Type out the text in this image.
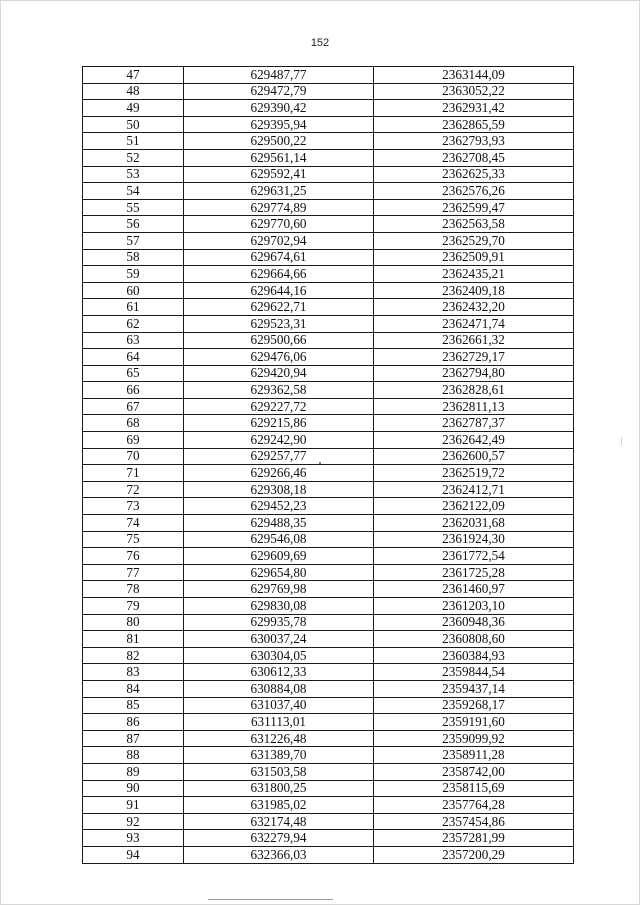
152
47	629487,77	2363144,09
48	629472,79	2363052,22
49	629390,42	2362931,42
50	629395,94	2362865,59
51	629500,22	2362793,93
52	629561,14	2362708,45
53	629592,41	2362625,33
54	629631,25	2362576,26
55	629774,89	2362599,47
56	629770,60	2362563,58
57	629702,94	2362529,70
58	629674,61	2362509,91
59	629664,66	2362435,21
60	629644,16	2362409,18
61	629622,71	2362432,20
62	629523,31	2362471,74
63	629500,66	2362661,32
64	629476,06	2362729,17
65	629420,94	2362794,80
66	629362,58	2362828,61
67	629227,72	2362811,13
68	629215,86	2362787,37
69	629242,90	2362642,49
70	629257,77	2362600,57
71	629266,46	2362519,72
72	629308,18	2362412,71
73	629452,23	2362122,09
74	629488,35	2362031,68
75	629546,08	2361924,30
76	629609,69	2361772,54
77	629654,80	2361725,28
78	629769,98	2361460,97
79	629830,08	2361203,10
80	629935,78	2360948,36
81	630037,24	2360808,60
82	630304,05	2360384,93
83	630612,33	2359844,54
84	630884,08	2359437,14
85	631037,40	2359268,17
86	631113,01	2359191,60
87	631226,48	2359099,92
88	631389,70	2358911,28
89	631503,58	2358742,00
90	631800,25	2358115,69
91	631985,02	2357764,28
92	632174,48	2357454,86
93	632279,94	2357281,99
94	632366,03	2357200,29
